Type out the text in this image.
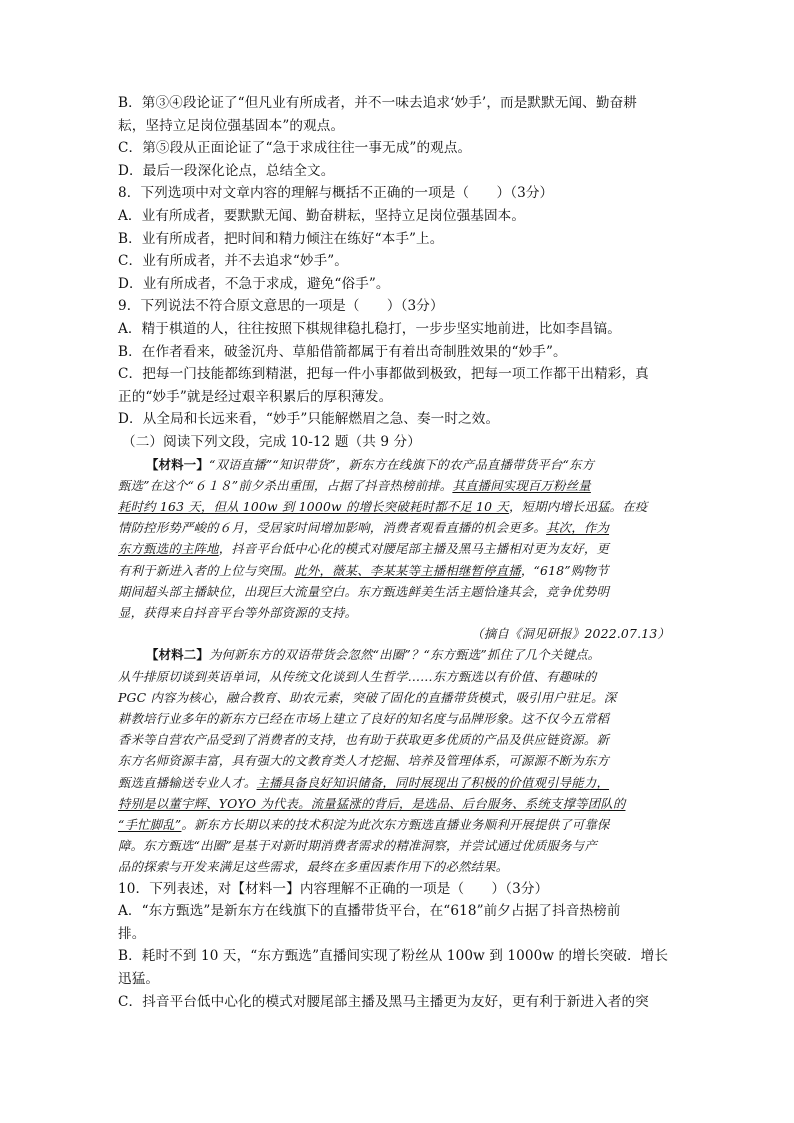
B．第③④段论证了“但凡业有所成者，并不一味去追求‘妙手’，而是默默无闻、勤奋耕
耘，坚持立足岗位强基固本”的观点。
C．第⑤段从正面论证了“急于求成往往一事无成”的观点。
D．最后一段深化论点，总结全文。
8．下列选项中对文章内容的理解与概括不正确的一项是（　　）（3分）
A．业有所成者，要默默无闻、勤奋耕耘，坚持立足岗位强基固本。
B．业有所成者，把时间和精力倾注在练好“本手”上。
C．业有所成者，并不去追求“妙手”。
D．业有所成者，不急于求成，避免“俗手”。
9．下列说法不符合原文意思的一项是（　　）（3分）
A．精于棋道的人，往往按照下棋规律稳扎稳打，一步步坚实地前进，比如李昌镐。
B．在作者看来，破釜沉舟、草船借箭都属于有着出奇制胜效果的“妙手”。
C．把每一门技能都练到精湛，把每一件小事都做到极致，把每一项工作都干出精彩，真
正的“妙手”就是经过艰辛积累后的厚积薄发。
D．从全局和长远来看，“妙手”只能解燃眉之急、奏一时之效。
（二）阅读下列文段，完成 10-12 题（共 9 分）
【材料一】“双语直播”“知识带货”，新东方在线旗下的农产品直播带货平台“东方
甄选”在这个“６１８”前夕杀出重围，占据了抖音热榜前排。其直播间实现百万粉丝量
耗时约 163 天，但从 100w 到 1000w 的增长突破耗时都不足 10 天，短期内增长迅猛。在疫
情防控形势严峻的６月，受居家时间增加影响，消费者观看直播的机会更多。其次，作为
东方甄选的主阵地，抖音平台低中心化的模式对腰尾部主播及黑马主播相对更为友好，更
有利于新进入者的上位与突围。此外，薇某、李某某等主播相继暂停直播，“618”购物节
期间超头部主播缺位，出现巨大流量空白。东方甄选鲜美生活主题恰逢其会，竞争优势明
显，获得来自抖音平台等外部资源的支持。
（摘自《洞见研报》2022.07.13）
【材料二】为何新东方的双语带货会忽然“出圈”？“东方甄选”抓住了几个关键点。
从牛排原切谈到英语单词，从传统文化谈到人生哲学……东方甄选以有价值、有趣味的
PGC 内容为核心，融合教育、助农元素，突破了固化的直播带货模式，吸引用户驻足。深
耕教培行业多年的新东方已经在市场上建立了良好的知名度与品牌形象。这不仅今五常稻
香米等自营农产品受到了消费者的支持，也有助于获取更多优质的产品及供应链资源。新
东方名师资源丰富，具有强大的文教育类人才挖掘、培养及管理体系，可源源不断为东方
甄选直播输送专业人才。主播具备良好知识储备，同时展现出了积极的价值观引导能力，
特别是以董宇辉、YOYO 为代表。流量猛涨的背后，是选品、后台服务、系统支撑等团队的
“手忙脚乱”。新东方长期以来的技术积淀为此次东方甄选直播业务顺利开展提供了可靠保
障。东方甄选“出圈”是基于对新时期消费者需求的精准洞察，并尝试通过优质服务与产
品的探索与开发来满足这些需求，最终在多重因素作用下的必然结果。
10．下列表述，对【材料一】内容理解不正确的一项是（　　）（3分）
A．“东方甄选”是新东方在线旗下的直播带货平台，在“618”前夕占据了抖音热榜前
排。
B．耗时不到 10 天，“东方甄选”直播间实现了粉丝从 100w 到 1000w 的增长突破．增长
迅猛。
C．抖音平台低中心化的模式对腰尾部主播及黑马主播更为友好，更有利于新进入者的突
